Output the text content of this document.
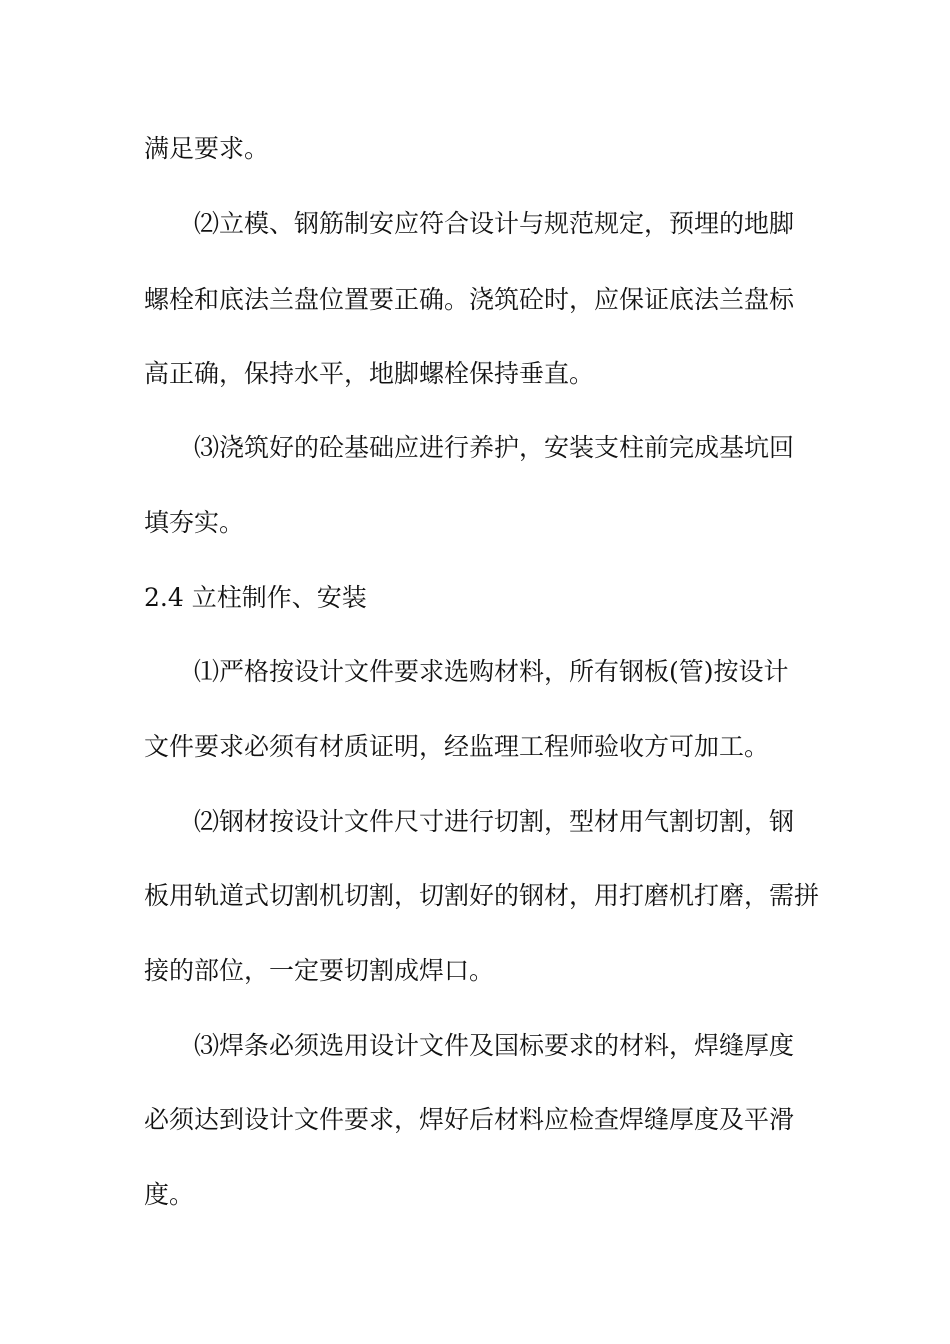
满足要求。
⑵立模、钢筋制安应符合设计与规范规定，预埋的地脚
螺栓和底法兰盘位置要正确。浇筑砼时，应保证底法兰盘标
高正确，保持水平，地脚螺栓保持垂直。
⑶浇筑好的砼基础应进行养护，安装支柱前完成基坑回
填夯实。
2.4 立柱制作、安装
⑴严格按设计文件要求选购材料，所有钢板(管)按设计
文件要求必须有材质证明，经监理工程师验收方可加工。
⑵钢材按设计文件尺寸进行切割，型材用气割切割，钢
板用轨道式切割机切割，切割好的钢材，用打磨机打磨，需拼
接的部位，一定要切割成焊口。
⑶焊条必须选用设计文件及国标要求的材料，焊缝厚度
必须达到设计文件要求，焊好后材料应检查焊缝厚度及平滑
度。
